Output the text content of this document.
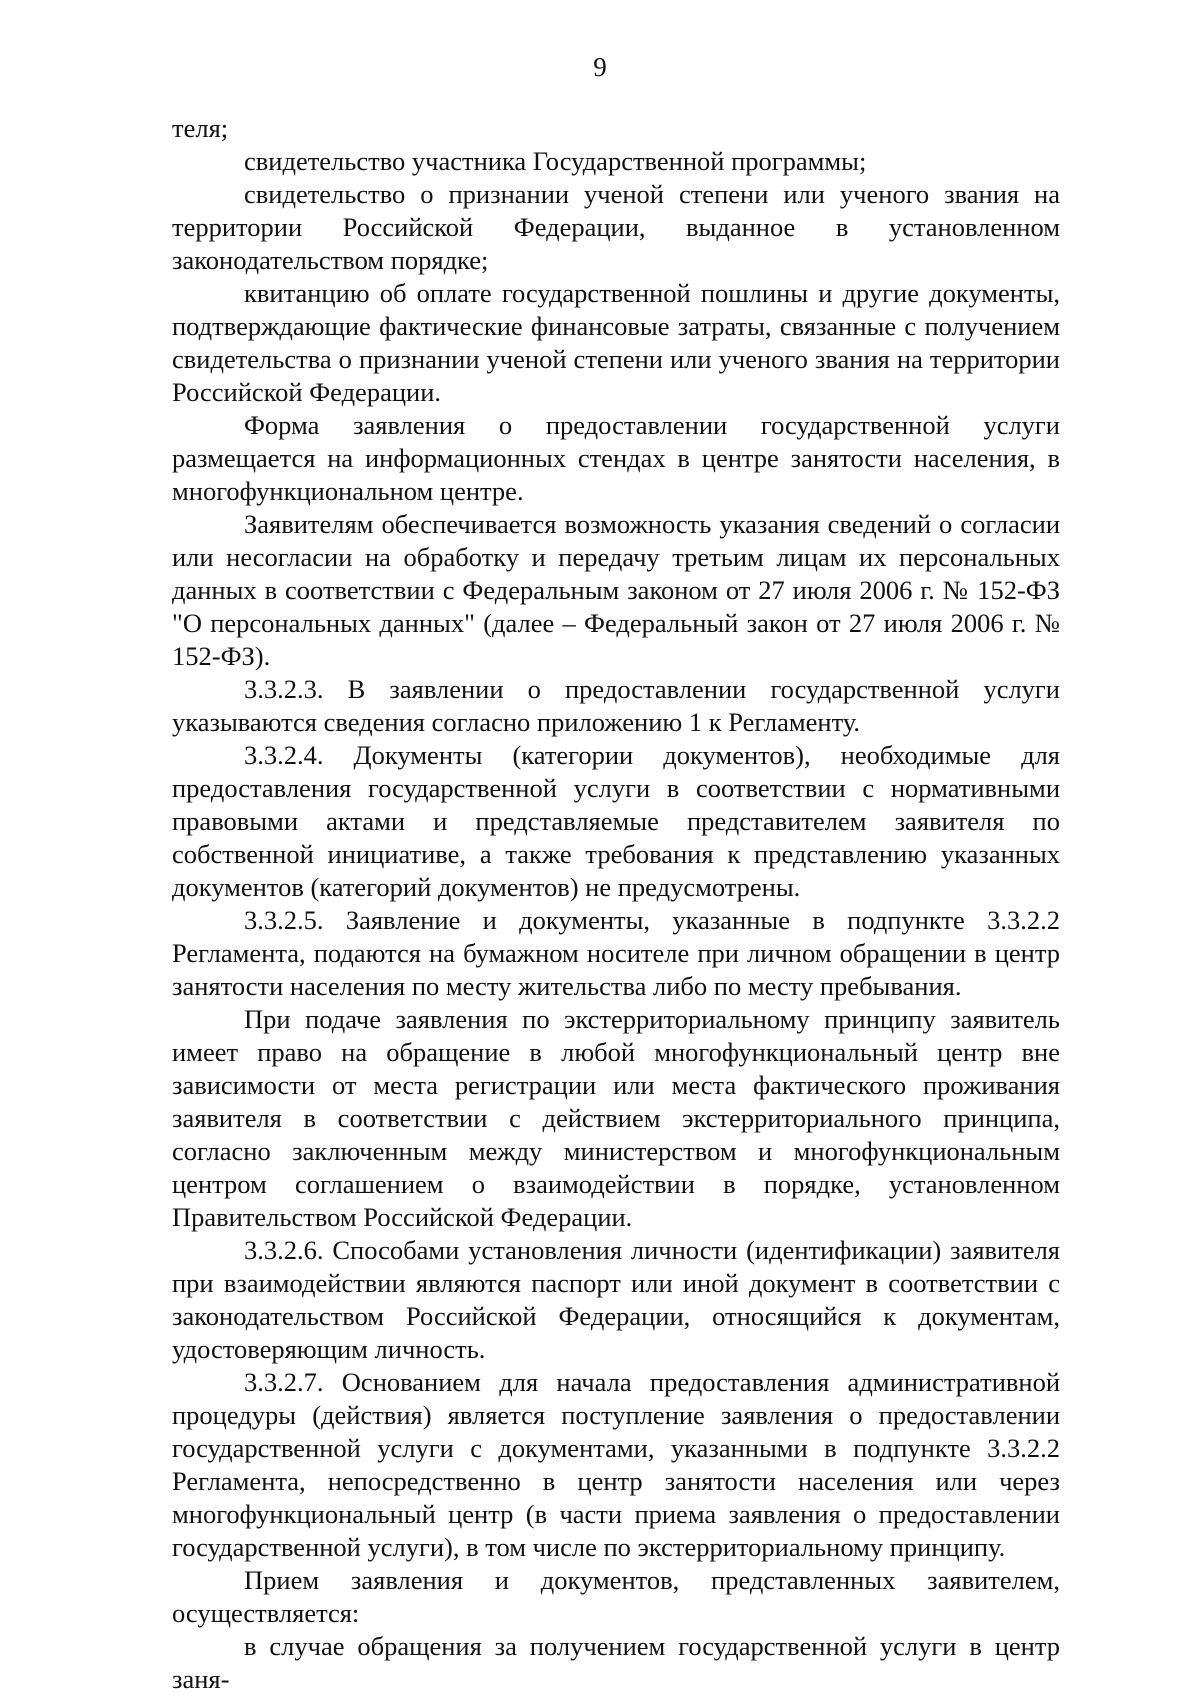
9

теля;

свидетельство участника Государственной программы;

свидетельство о признании ученой степени или ученого звания на территории Российской Федерации, выданное в установленном законодательством порядке;

квитанцию об оплате государственной пошлины и другие документы, подтверждающие фактические финансовые затраты, связанные с получением свидетельства о признании ученой степени или ученого звания на территории Российской Федерации.

Форма заявления о предоставлении государственной услуги размещается на информационных стендах в центре занятости населения, в многофункциональном центре.

Заявителям обеспечивается возможность указания сведений о согласии или несогласии на обработку и передачу третьим лицам их персональных данных в соответствии с Федеральным законом от 27 июля 2006 г. № 152-ФЗ "О персональных данных" (далее – Федеральный закон от 27 июля 2006 г. № 152-ФЗ).

3.3.2.3. В заявлении о предоставлении государственной услуги указываются сведения согласно приложению 1 к Регламенту.

3.3.2.4. Документы (категории документов), необходимые для предоставления государственной услуги в соответствии с нормативными правовыми актами и представляемые представителем заявителя по собственной инициативе, а также требования к представлению указанных документов (категорий документов) не предусмотрены.

3.3.2.5. Заявление и документы, указанные в подпункте 3.3.2.2 Регламента, подаются на бумажном носителе при личном обращении в центр занятости населения по месту жительства либо по месту пребывания.

При подаче заявления по экстерриториальному принципу заявитель имеет право на обращение в любой многофункциональный центр вне зависимости от места регистрации или места фактического проживания заявителя в соответствии с действием экстерриториального принципа, согласно заключенным между министерством и многофункциональным центром соглашением о взаимодействии в порядке, установленном Правительством Российской Федерации.

3.3.2.6. Способами установления личности (идентификации) заявителя при взаимодействии являются паспорт или иной документ в соответствии с законодательством Российской Федерации, относящийся к документам, удостоверяющим личность.

3.3.2.7. Основанием для начала предоставления административной процедуры (действия) является поступление заявления о предоставлении государственной услуги с документами, указанными в подпункте 3.3.2.2 Регламента, непосредственно в центр занятости населения или через многофункциональный центр (в части приема заявления о предоставлении государственной услуги), в том числе по экстерриториальному принципу.

Прием заявления и документов, представленных заявителем, осуществляется:

в случае обращения за получением государственной услуги в центр заня-
